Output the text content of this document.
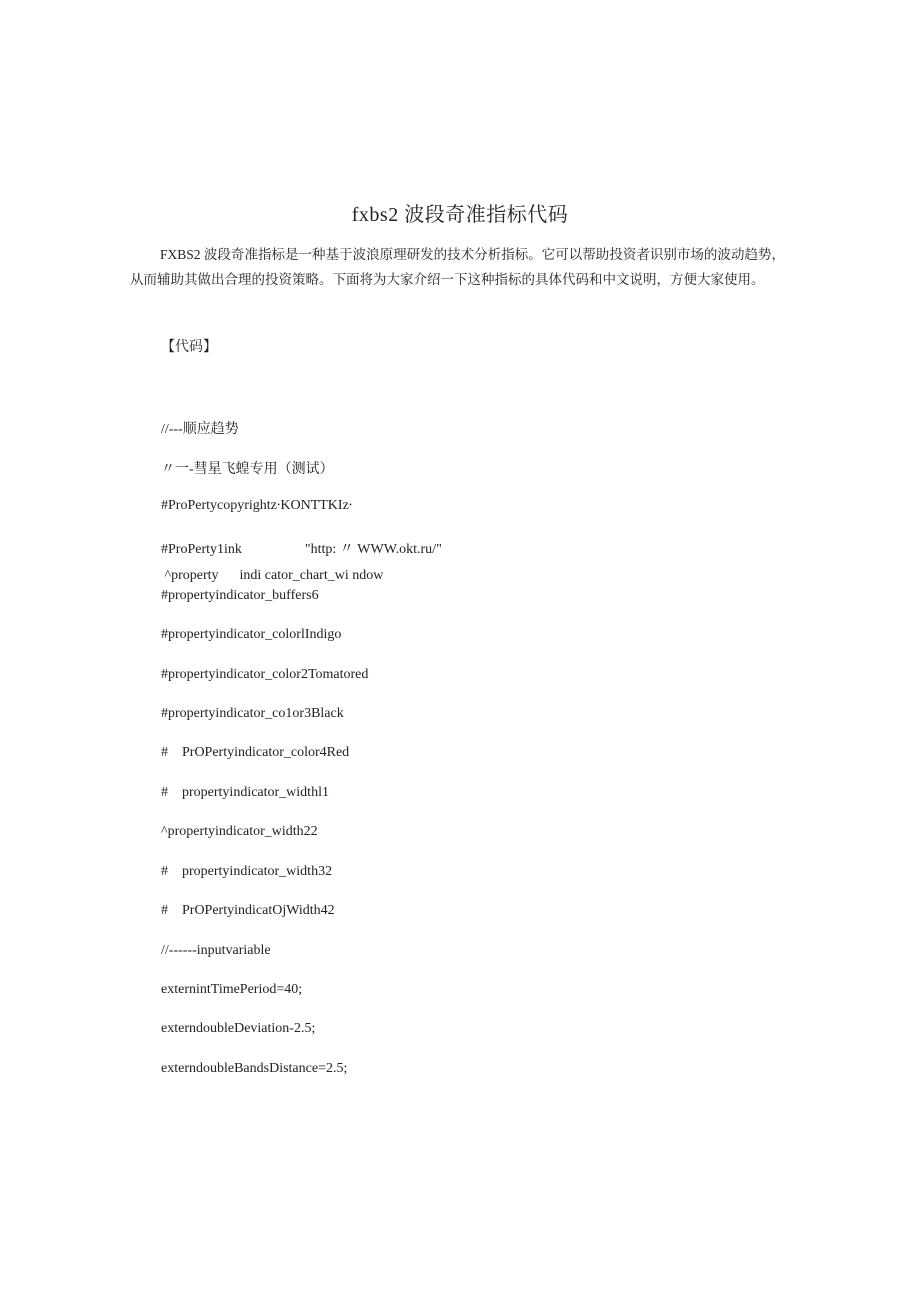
fxbs2 波段奇准指标代码
FXBS2 波段奇准指标是一种基于波浪原理研发的技术分析指标。它可以帮助投资者识别市场的波动趋势，从而辅助其做出合理的投资策略。下面将为大家介绍一下这种指标的具体代码和中文说明，方便大家使用。
【代码】
//---顺应趋势
〃一-彗星飞蝗专用（测试）
#ProPertycopyrightz∙KONTTKIz∙
#ProPerty1ink                  "http: 〃 WWW.okt.ru/"
^property      indi cator_chart_wi ndow
#propertyindicator_buffers6
#propertyindicator_colorlIndigo
#propertyindicator_color2Tomatored
#propertyindicator_co1or3Black
#    PrOPertyindicator_color4Red
#    propertyindicator_widthl1
^propertyindicator_width22
#    propertyindicator_width32
#    PrOPertyindicatOjWidth42
//------inputvariable
externintTimePeriod=40;
externdoubleDeviation-2.5;
externdoubleBandsDistance=2.5;
